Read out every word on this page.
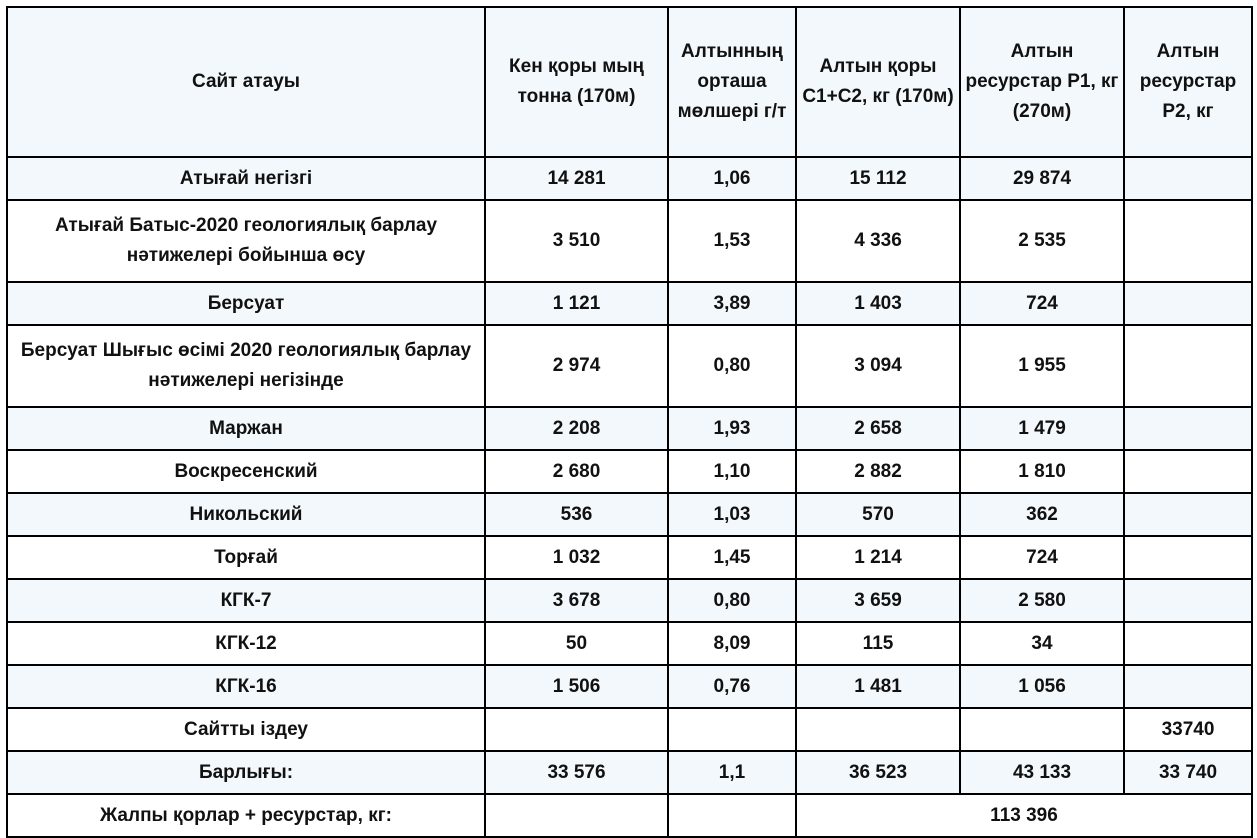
Сайт атауы	Кен қоры мың тонна (170м)	Алтынның орташа мөлшері г/т	Алтын қоры С1+С2, кг (170м)	Алтын ресурстар Р1, кг (270м)	Алтын ресурстар Р2, кг
Атығай негізгі	14 281	1,06	15 112	29 874	
Атығай Батыс-2020 геологиялық барлау нәтижелері бойынша өсу	3 510	1,53	4 336	2 535	
Берсуат	1 121	3,89	1 403	724	
Берсуат Шығыс өсімі 2020 геологиялық барлау нәтижелері негізінде	2 974	0,80	3 094	1 955	
Маржан	2 208	1,93	2 658	1 479	
Воскресенский	2 680	1,10	2 882	1 810	
Никольский	536	1,03	570	362	
Торғай	1 032	1,45	1 214	724	
КГК-7	3 678	0,80	3 659	2 580	
КГК-12	50	8,09	115	34	
КГК-16	1 506	0,76	1 481	1 056	
Сайтты іздеу					33740
Барлығы:	33 576	1,1	36 523	43 133	33 740
Жалпы қорлар + ресурстар, кг:			113 396		
